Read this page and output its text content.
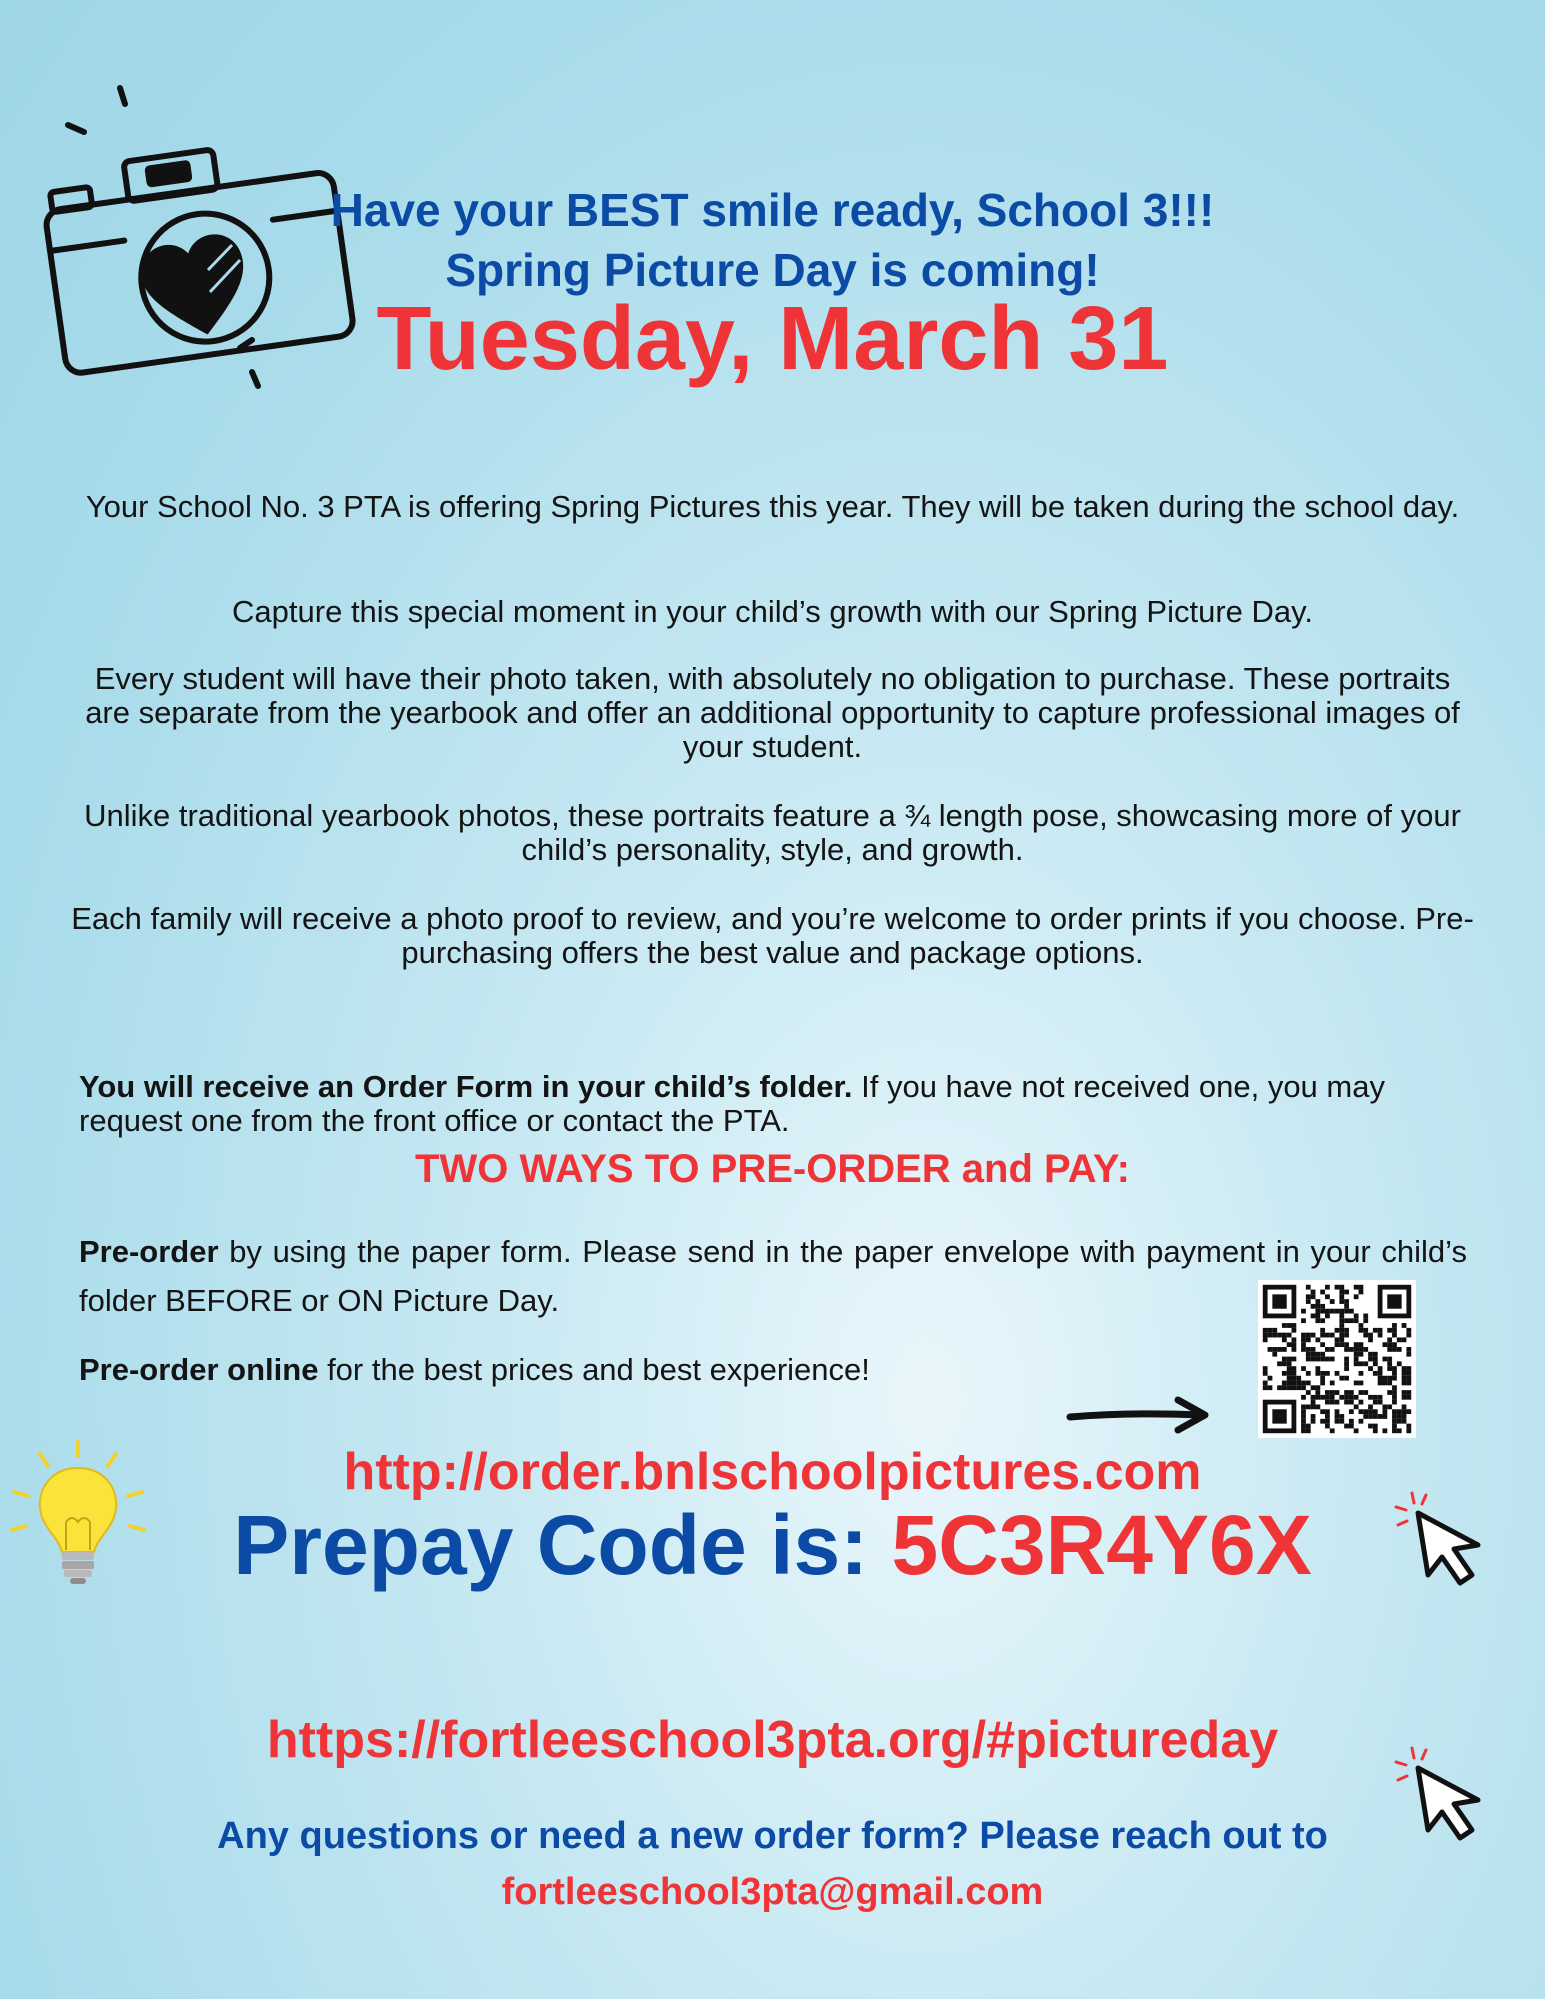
Have your BEST smile ready, School 3!!!
Spring Picture Day is coming!
Tuesday, March 31
Your School No. 3 PTA is offering Spring Pictures this year. They will be taken during the school day.
Capture this special moment in your child’s growth with our Spring Picture Day.
Every student will have their photo taken, with absolutely no obligation to purchase. These portraits are separate from the yearbook and offer an additional opportunity to capture professional images of your student.
Unlike traditional yearbook photos, these portraits feature a ¾ length pose, showcasing more of your child’s personality, style, and growth.
Each family will receive a photo proof to review, and you’re welcome to order prints if you choose. Pre-purchasing offers the best value and package options.
You will receive an Order Form in your child’s folder. If you have not received one, you may request one from the front office or contact the PTA.
TWO WAYS TO PRE-ORDER and PAY:
Pre-order by using the paper form. Please send in the paper envelope with payment in your child’s folder BEFORE or ON Picture Day.
Pre-order online for the best prices and best experience!
http://order.bnlschoolpictures.com
Prepay Code is: 5C3R4Y6X
https://fortleeschool3pta.org/#pictureday
Any questions or need a new order form? Please reach out to
fortleeschool3pta@gmail.com
